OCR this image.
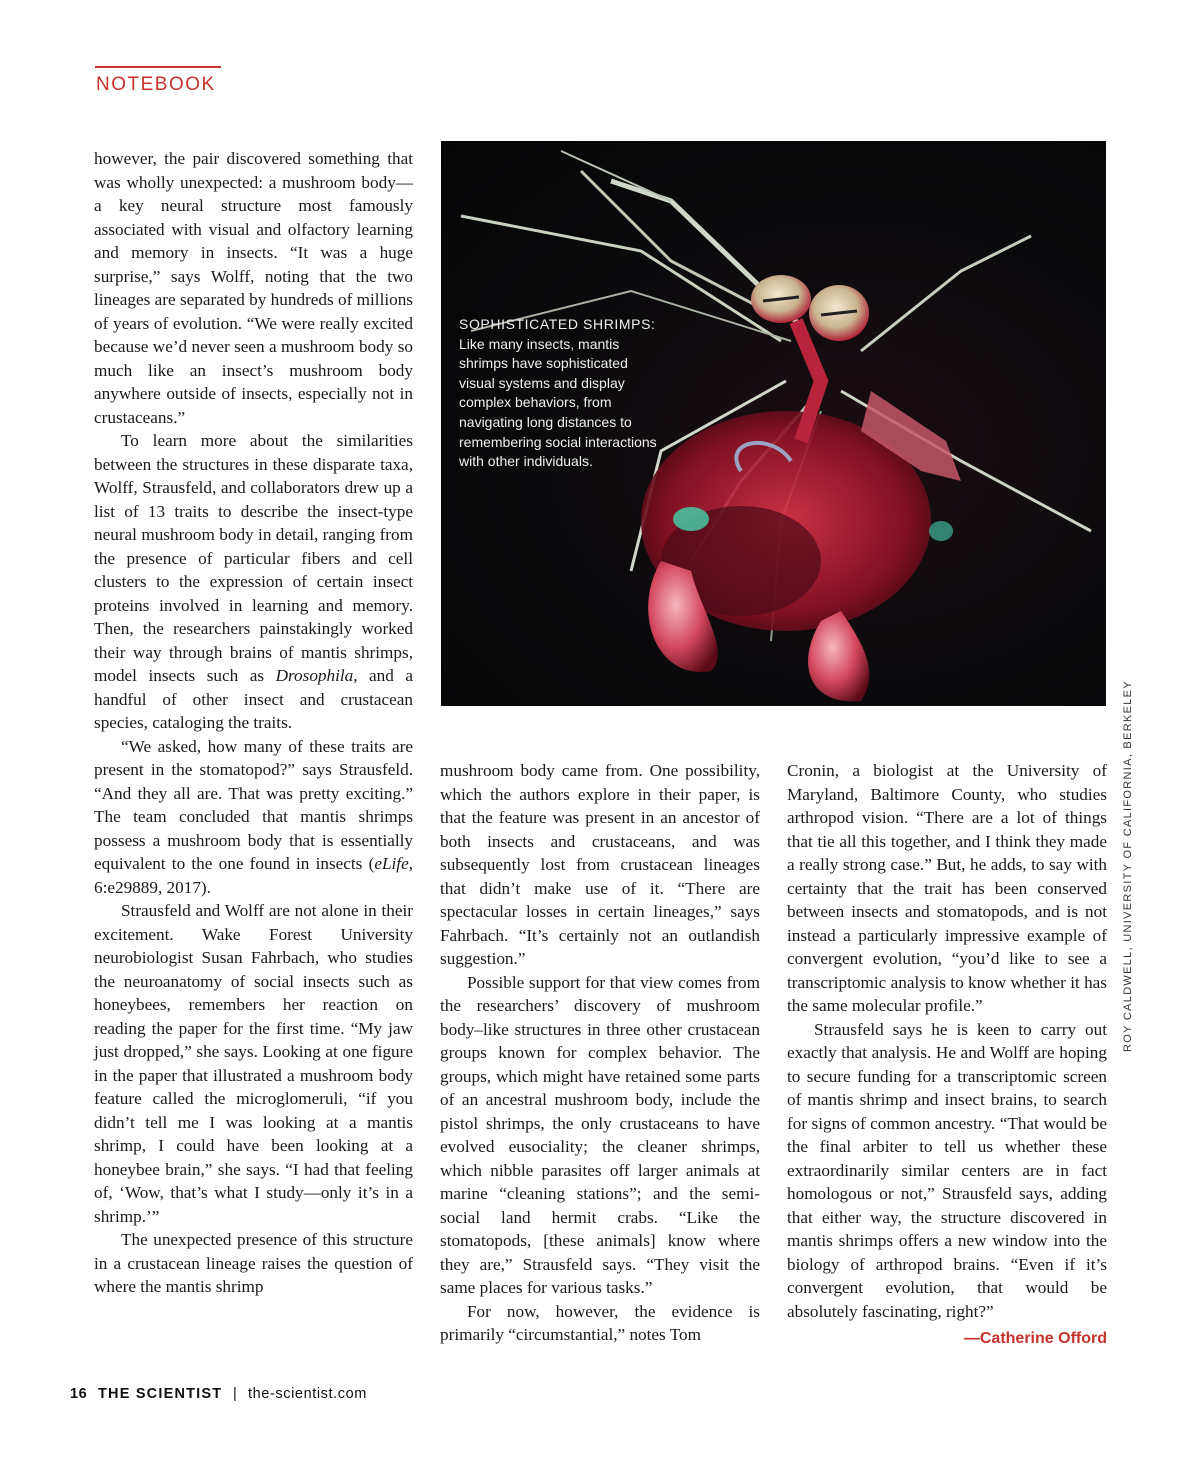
NOTEBOOK

however, the pair discovered something that was wholly unexpected: a mushroom body—a key neural structure most famously associated with visual and olfactory learning and memory in insects. “It was a huge surprise,” says Wolff, noting that the two lineages are separated by hundreds of millions of years of evolution. “We were really excited because we’d never seen a mushroom body so much like an insect’s mushroom body anywhere outside of insects, especially not in crustaceans.”

To learn more about the similarities between the structures in these disparate taxa, Wolff, Strausfeld, and collaborators drew up a list of 13 traits to describe the insect-type neural mushroom body in detail, ranging from the presence of particular fibers and cell clusters to the expression of certain insect proteins involved in learning and memory. Then, the researchers painstakingly worked their way through brains of mantis shrimps, model insects such as Drosophila, and a handful of other insect and crustacean species, cataloging the traits.

“We asked, how many of these traits are present in the stomatopod?” says Strausfeld. “And they all are. That was pretty exciting.” The team concluded that mantis shrimps possess a mushroom body that is essentially equivalent to the one found in insects (eLife, 6:e29889, 2017).

Strausfeld and Wolff are not alone in their excitement. Wake Forest University neurobiologist Susan Fahrbach, who studies the neuroanatomy of social insects such as honeybees, remembers her reaction on reading the paper for the first time. “My jaw just dropped,” she says. Looking at one figure in the paper that illustrated a mushroom body feature called the microglomeruli, “if you didn’t tell me I was looking at a mantis shrimp, I could have been looking at a honeybee brain,” she says. “I had that feeling of, ‘Wow, that’s what I study—only it’s in a shrimp.’”

The unexpected presence of this structure in a crustacean lineage raises the question of where the mantis shrimp

SOPHISTICATED SHRIMPS:
Like many insects, mantis shrimps have sophisticated visual systems and display complex behaviors, from navigating long distances to remembering social interactions with other individuals.

mushroom body came from. One possibility, which the authors explore in their paper, is that the feature was present in an ancestor of both insects and crustaceans, and was subsequently lost from crustacean lineages that didn’t make use of it. “There are spectacular losses in certain lineages,” says Fahrbach. “It’s certainly not an outlandish suggestion.”

Possible support for that view comes from the researchers’ discovery of mushroom body–like structures in three other crustacean groups known for complex behavior. The groups, which might have retained some parts of an ancestral mushroom body, include the pistol shrimps, the only crustaceans to have evolved eusociality; the cleaner shrimps, which nibble parasites off larger animals at marine “cleaning stations”; and the semi-social land hermit crabs. “Like the stomatopods, [these animals] know where they are,” Strausfeld says. “They visit the same places for various tasks.”

For now, however, the evidence is primarily “circumstantial,” notes Tom

Cronin, a biologist at the University of Maryland, Baltimore County, who studies arthropod vision. “There are a lot of things that tie all this together, and I think they made a really strong case.” But, he adds, to say with certainty that the trait has been conserved between insects and stomatopods, and is not instead a particularly impressive example of convergent evolution, “you’d like to see a transcriptomic analysis to know whether it has the same molecular profile.”

Strausfeld says he is keen to carry out exactly that analysis. He and Wolff are hoping to secure funding for a transcriptomic screen of mantis shrimp and insect brains, to search for signs of common ancestry. “That would be the final arbiter to tell us whether these extraordinarily similar centers are in fact homologous or not,” Strausfeld says, adding that either way, the structure discovered in mantis shrimps offers a new window into the biology of arthropod brains. “Even if it’s convergent evolution, that would be absolutely fascinating, right?”

—Catherine Offord

ROY CALDWELL, UNIVERSITY OF CALIFORNIA, BERKELEY
16 THE SCIENTIST | the-scientist.com
